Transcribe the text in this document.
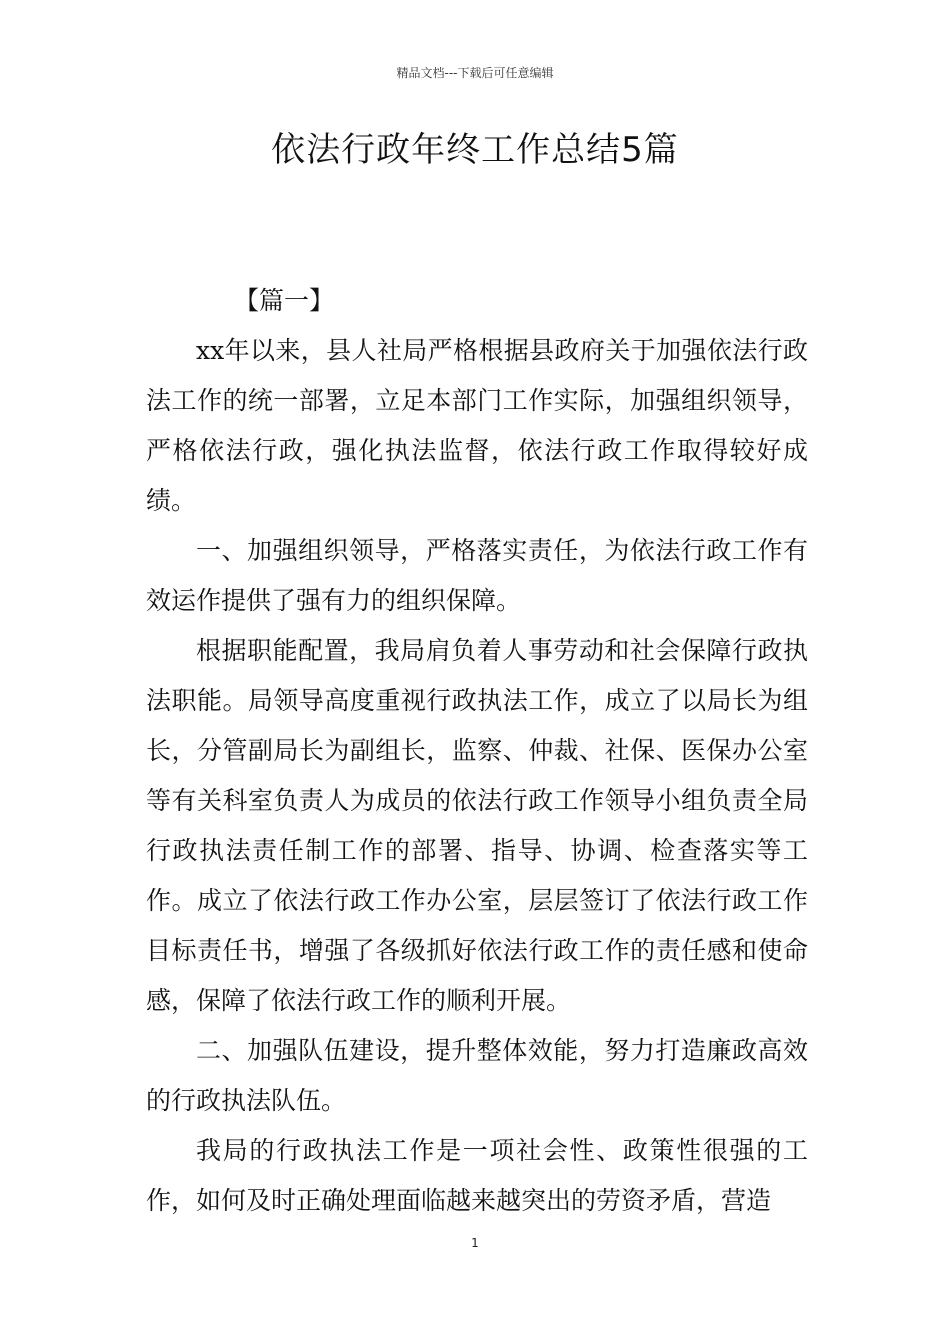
精品文档---下载后可任意编辑
依法行政年终工作总结5篇

【篇一】

xx年以来，县人社局严格根据县政府关于加强依法行政法工作的统一部署，立足本部门工作实际，加强组织领导，严格依法行政，强化执法监督，依法行政工作取得较好成绩。

一、加强组织领导，严格落实责任，为依法行政工作有效运作提供了强有力的组织保障。

根据职能配置，我局肩负着人事劳动和社会保障行政执法职能。局领导高度重视行政执法工作，成立了以局长为组长，分管副局长为副组长，监察、仲裁、社保、医保办公室等有关科室负责人为成员的依法行政工作领导小组负责全局行政执法责任制工作的部署、指导、协调、检查落实等工作。成立了依法行政工作办公室，层层签订了依法行政工作目标责任书，增强了各级抓好依法行政工作的责任感和使命感，保障了依法行政工作的顺利开展。

二、加强队伍建设，提升整体效能，努力打造廉政高效的行政执法队伍。

我局的行政执法工作是一项社会性、政策性很强的工作，如何及时正确处理面临越来越突出的劳资矛盾，营造

1
